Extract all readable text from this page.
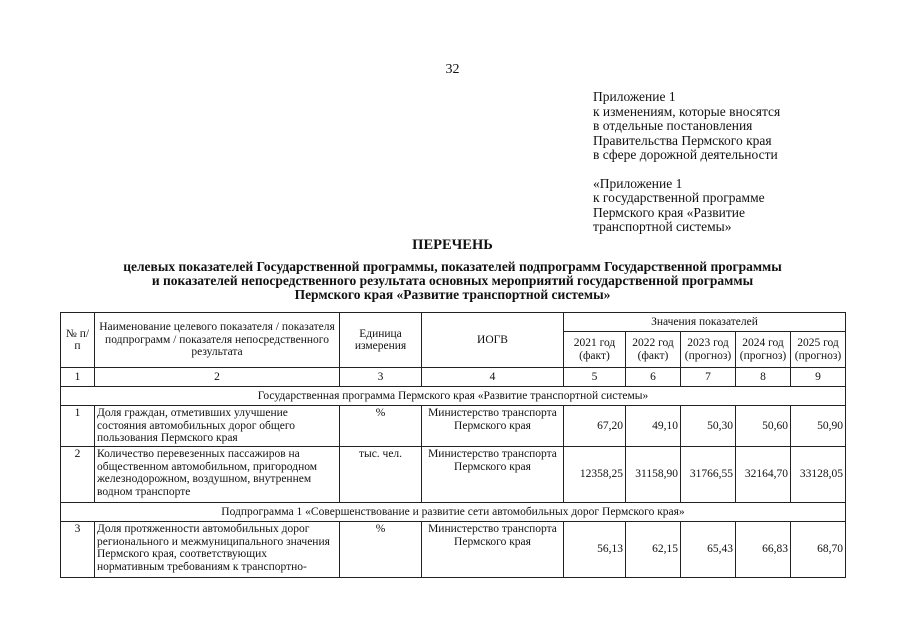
32
Приложение 1
к изменениям, которые вносятся
в отдельные постановления
Правительства Пермского края
в сфере дорожной деятельности
«Приложение 1
к государственной программе
Пермского края «Развитие
транспортной системы»
ПЕРЕЧЕНЬ
целевых показателей Государственной программы, показателей подпрограмм Государственной программы
и показателей непосредственного результата основных мероприятий государственной программы
Пермского края «Развитие транспортной системы»
№ п/п	Наименование целевого показателя / показателя подпрограмм / показателя непосредственного результата	Единица измерения	ИОГВ	Значения показателей				
				2021 год (факт)	2022 год (факт)	2023 год (прогноз)	2024 год (прогноз)	2025 год (прогноз)
1	2	3	4	5	6	7	8	9
Государственная программа Пермского края «Развитие транспортной системы»								
1	Доля граждан, отметивших улучшение состояния автомобильных дорог общего пользования Пермского края	%	Министерство транспорта Пермского края	67,20	49,10	50,30	50,60	50,90
2	Количество перевезенных пассажиров на общественном автомобильном, пригородном железнодорожном, воздушном, внутреннем водном транспорте	тыс. чел.	Министерство транспорта Пермского края	12358,25	31158,90	31766,55	32164,70	33128,05
Подпрограмма 1 «Совершенствование и развитие сети автомобильных дорог Пермского края»								
3	Доля протяженности автомобильных дорог регионального и межмуниципального значения Пермского края, соответствующих нормативным требованиям к транспортно-	%	Министерство транспорта Пермского края	56,13	62,15	65,43	66,83	68,70
